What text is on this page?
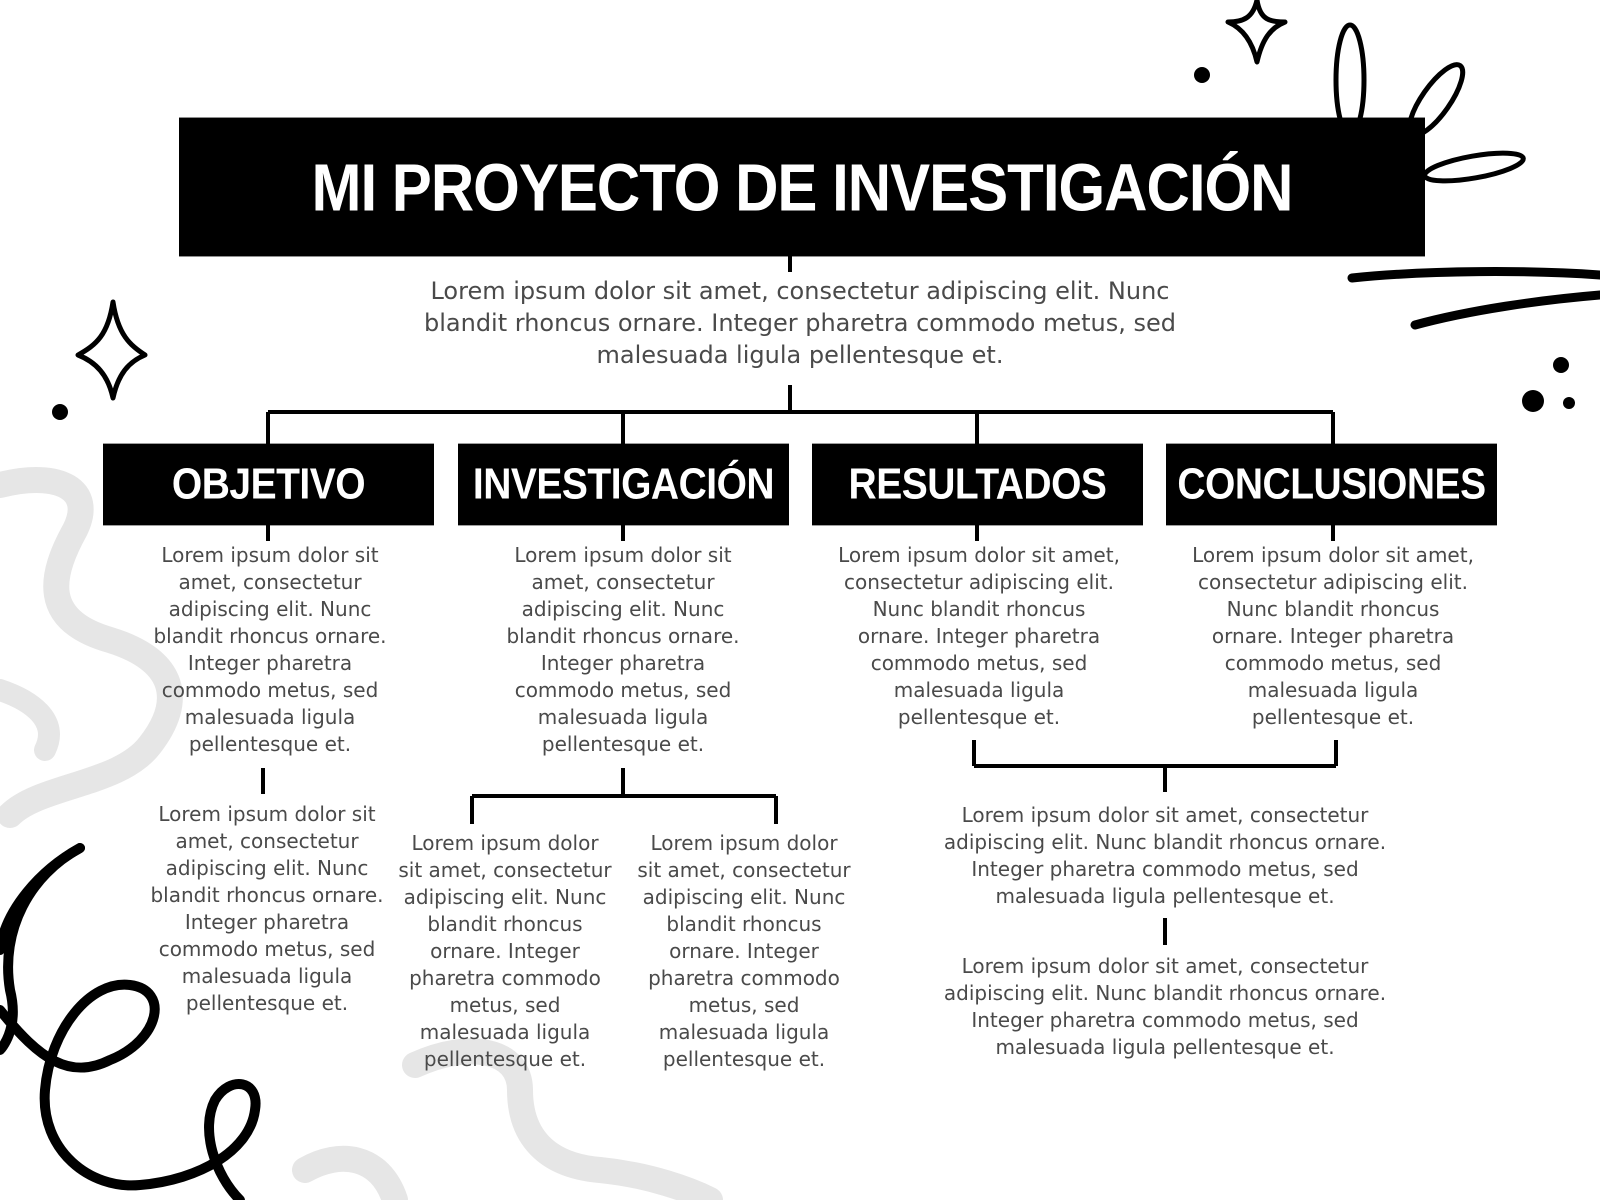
MI PROYECTO DE INVESTIGACIÓN
Lorem ipsum dolor sit amet, consectetur adipiscing elit. Nunc blandit rhoncus ornare. Integer pharetra commodo metus, sed malesuada ligula pellentesque et.
OBJETIVO	INVESTIGACIÓN RESULTADOS CONCLUSIONES
Lorem ipsum dolor sit amet, consectetur adipiscing elit. Nunc blandit rhoncus ornare. Integer pharetra commodo metus, sed malesuada ligula pellentesque et.
Lorem ipsum dolor sit amet, consectetur adipiscing elit. Nunc blandit rhoncus ornare. Integer pharetra commodo metus, sed malesuada ligula pellentesque et.
Lorem ipsum dolor sit amet, consectetur adipiscing elit. Nunc blandit rhoncus ornare. Integer pharetra commodo metus, sed malesuada ligula pellentesque et.
Lorem ipsum dolor sit amet, consectetur adipiscing elit. Nunc blandit rhoncus ornare. Integer pharetra commodo metus, sed malesuada ligula pellentesque et.
Lorem ipsum dolor sit amet, consectetur adipiscing elit. Nunc blandit rhoncus ornare. Integer pharetra commodo metus, sed malesuada ligula pellentesque et.
Lorem ipsum dolor sit amet, consectetur adipiscing elit. Nunc blandit rhoncus ornare. Integer pharetra commodo metus, sed malesuada ligula pellentesque et.
Lorem ipsum dolor sit amet, consectetur adipiscing elit. Nunc blandit rhoncus ornare. Integer pharetra commodo metus, sed malesuada ligula pellentesque et.
Lorem ipsum dolor sit amet, consectetur adipiscing elit. Nunc blandit rhoncus ornare. Integer pharetra commodo metus, sed malesuada ligula pellentesque et.
Lorem ipsum dolor sit amet, consectetur adipiscing elit. Nunc blandit rhoncus ornare. Integer pharetra commodo metus, sed malesuada ligula pellentesque et.
